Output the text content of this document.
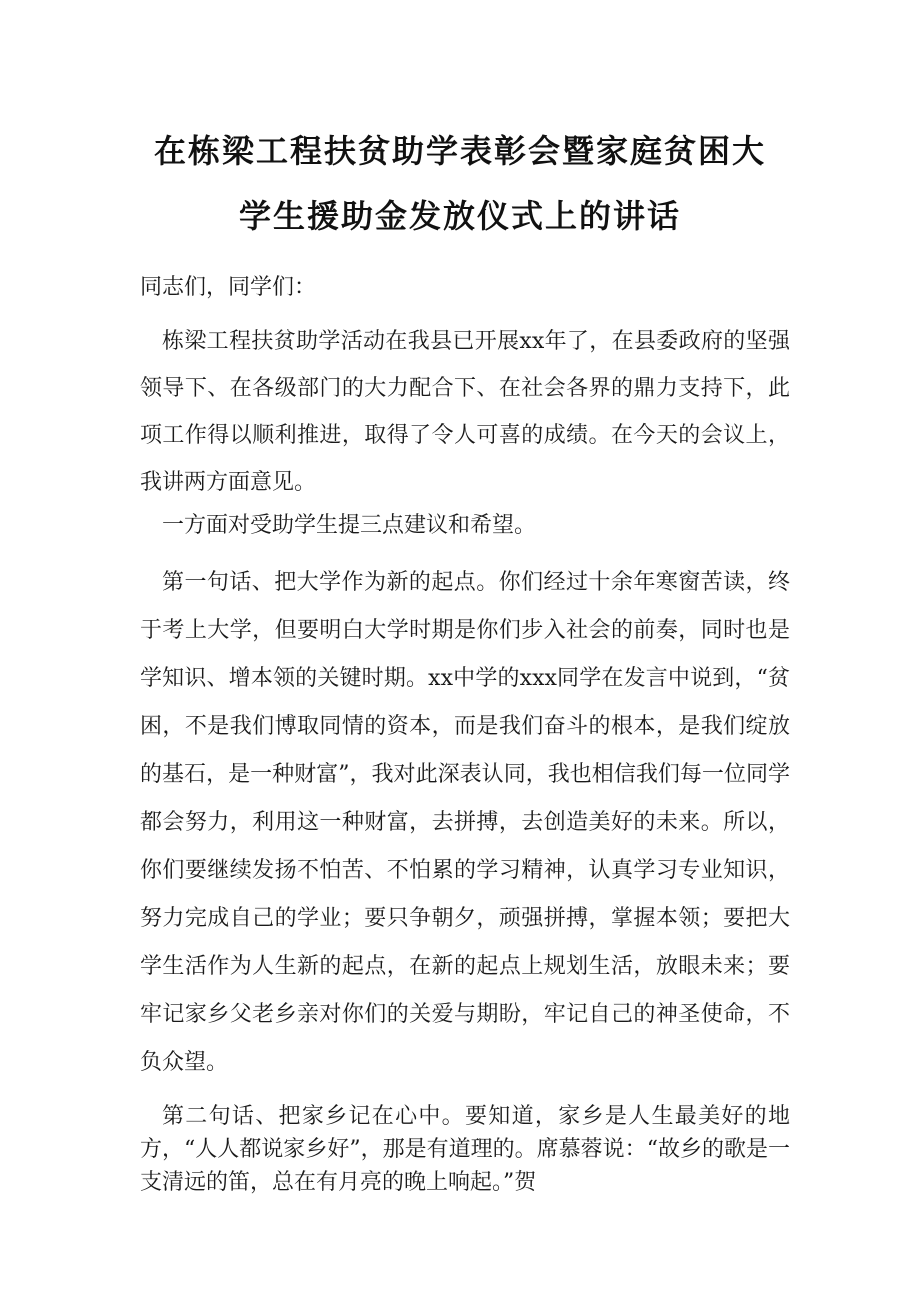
在栋梁工程扶贫助学表彰会暨家庭贫困大
学生援助金发放仪式上的讲话
同志们，同学们：
栋梁工程扶贫助学活动在我县已开展xx年了，在县委政府的坚强领导下、在各级部门的大力配合下、在社会各界的鼎力支持下，此项工作得以顺利推进，取得了令人可喜的成绩。在今天的会议上，我讲两方面意见。
一方面对受助学生提三点建议和希望。
第一句话、把大学作为新的起点。你们经过十余年寒窗苦读，终于考上大学，但要明白大学时期是你们步入社会的前奏，同时也是学知识、增本领的关键时期。xx中学的xxx同学在发言中说到，“贫困，不是我们博取同情的资本，而是我们奋斗的根本，是我们绽放的基石，是一种财富”，我对此深表认同，我也相信我们每一位同学都会努力，利用这一种财富，去拼搏，去创造美好的未来。所以，你们要继续发扬不怕苦、不怕累的学习精神，认真学习专业知识，努力完成自己的学业；要只争朝夕，顽强拼搏，掌握本领；要把大学生活作为人生新的起点，在新的起点上规划生活，放眼未来；要牢记家乡父老乡亲对你们的关爱与期盼，牢记自己的神圣使命，不负众望。
第二句话、把家乡记在心中。要知道，家乡是人生最美好的地方，“人人都说家乡好”，那是有道理的。席慕蓉说：“故乡的歌是一支清远的笛，总在有月亮的晚上响起。”贺
